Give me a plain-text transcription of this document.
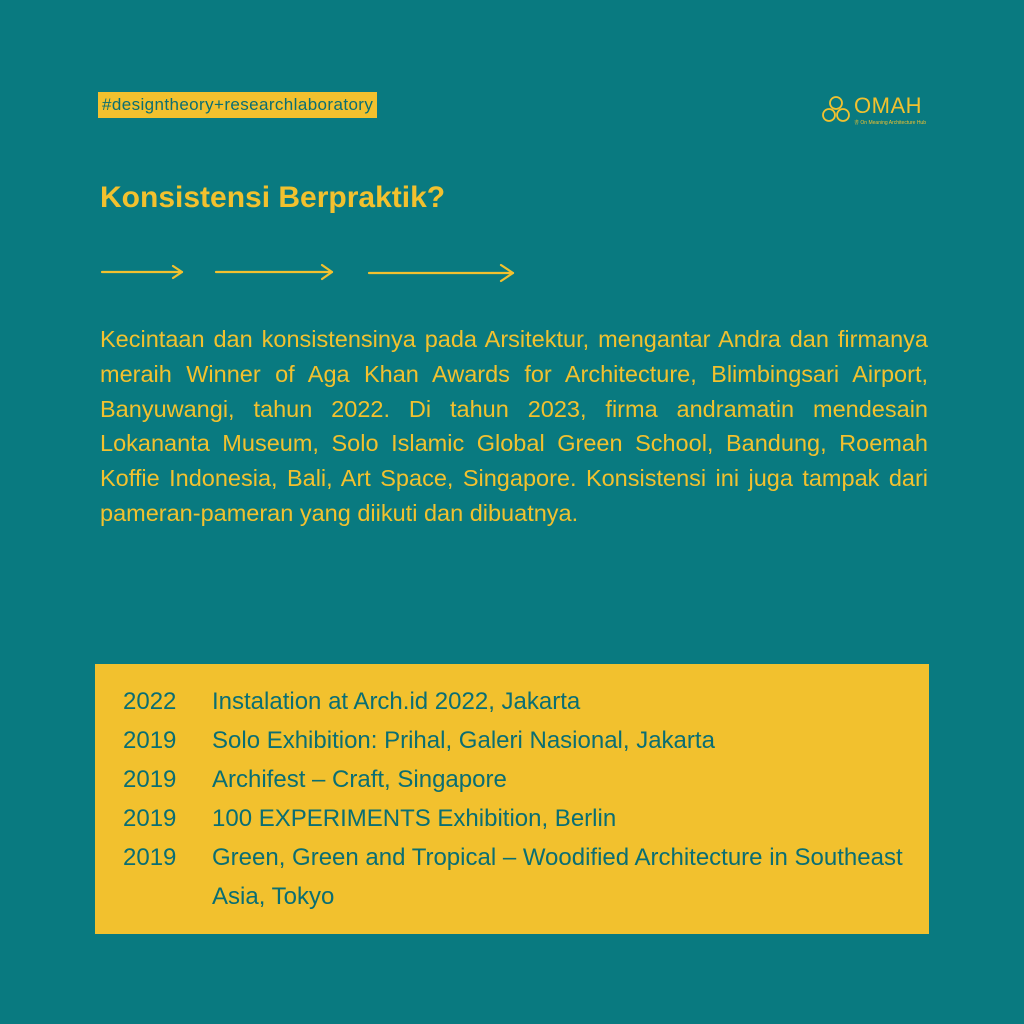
#designtheory+researchlaboratory	OMAH
書 On Meaning Architecture Hub
Konsistensi Berpraktik?

Kecintaan dan konsistensinya pada Arsitektur, mengantar Andra dan firmanya meraih Winner of Aga Khan Awards for Architecture, Blimbingsari Airport, Banyuwangi, tahun 2022. Di tahun 2023, firma andramatin mendesain Lokananta Museum, Solo Islamic Global Green School, Bandung, Roemah Koffie Indonesia, Bali, Art Space, Singapore. Konsistensi ini juga tampak dari pameran-pameran yang diikuti dan dibuatnya.

2022	Instalation at Arch.id 2022, Jakarta
2019	Solo Exhibition: Prihal, Galeri Nasional, Jakarta
2019	Archifest – Craft, Singapore
2019	100 EXPERIMENTS Exhibition, Berlin
2019	Green, Green and Tropical – Woodified Architecture in Southeast Asia, Tokyo
